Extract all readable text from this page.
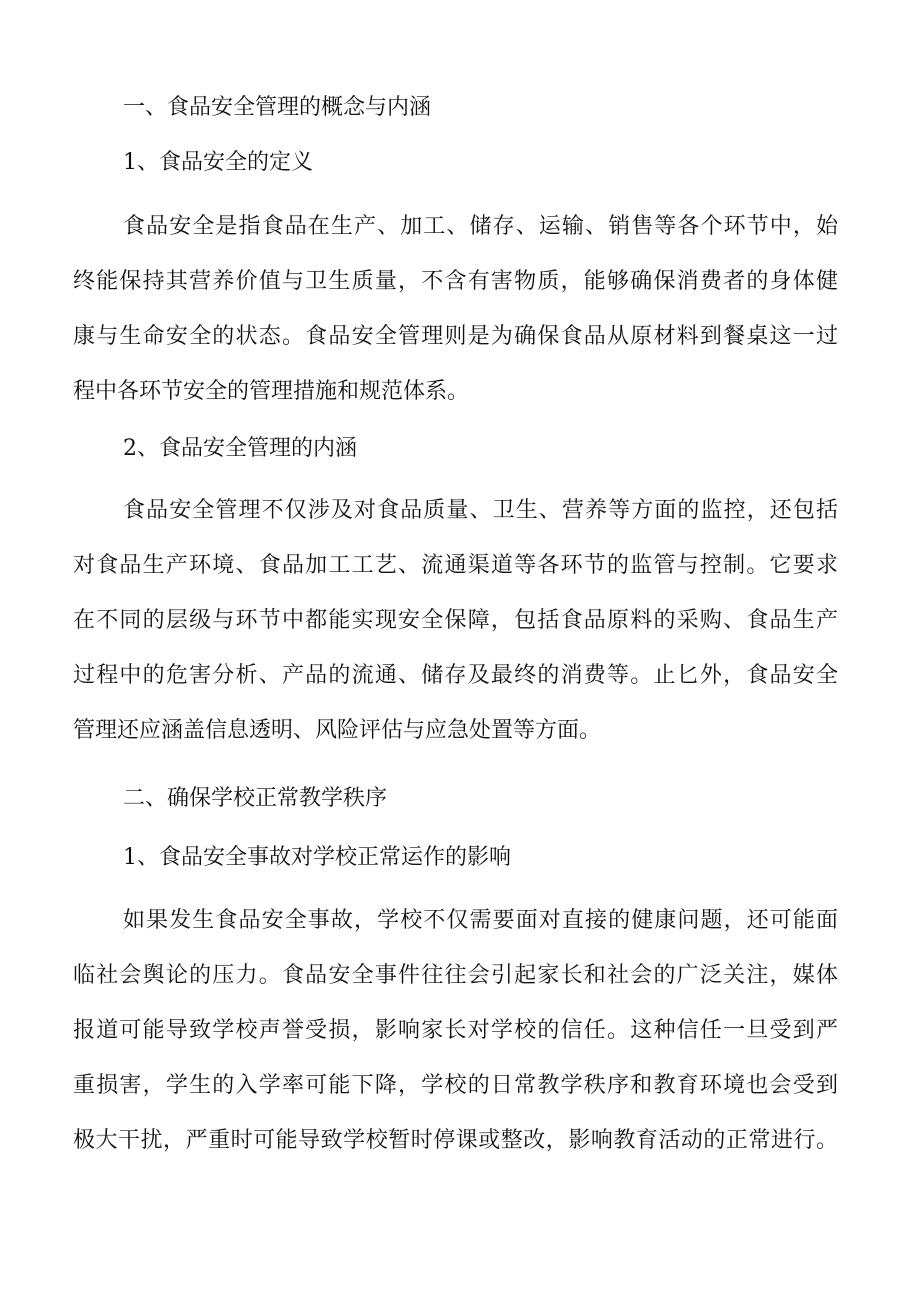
一、食品安全管理的概念与内涵
1、食品安全的定义
食品安全是指食品在生产、加工、储存、运输、销售等各个环节中，始
终能保持其营养价值与卫生质量，不含有害物质，能够确保消费者的身体健
康与生命安全的状态。食品安全管理则是为确保食品从原材料到餐桌这一过
程中各环节安全的管理措施和规范体系。
2、食品安全管理的内涵
食品安全管理不仅涉及对食品质量、卫生、营养等方面的监控，还包括
对食品生产环境、食品加工工艺、流通渠道等各环节的监管与控制。它要求
在不同的层级与环节中都能实现安全保障，包括食品原料的采购、食品生产
过程中的危害分析、产品的流通、储存及最终的消费等。止匕外，食品安全
管理还应涵盖信息透明、风险评估与应急处置等方面。
二、确保学校正常教学秩序
1、食品安全事故对学校正常运作的影响
如果发生食品安全事故，学校不仅需要面对直接的健康问题，还可能面
临社会舆论的压力。食品安全事件往往会引起家长和社会的广泛关注，媒体
报道可能导致学校声誉受损，影响家长对学校的信任。这种信任一旦受到严
重损害，学生的入学率可能下降，学校的日常教学秩序和教育环境也会受到
极大干扰，严重时可能导致学校暂时停课或整改，影响教育活动的正常进行。
